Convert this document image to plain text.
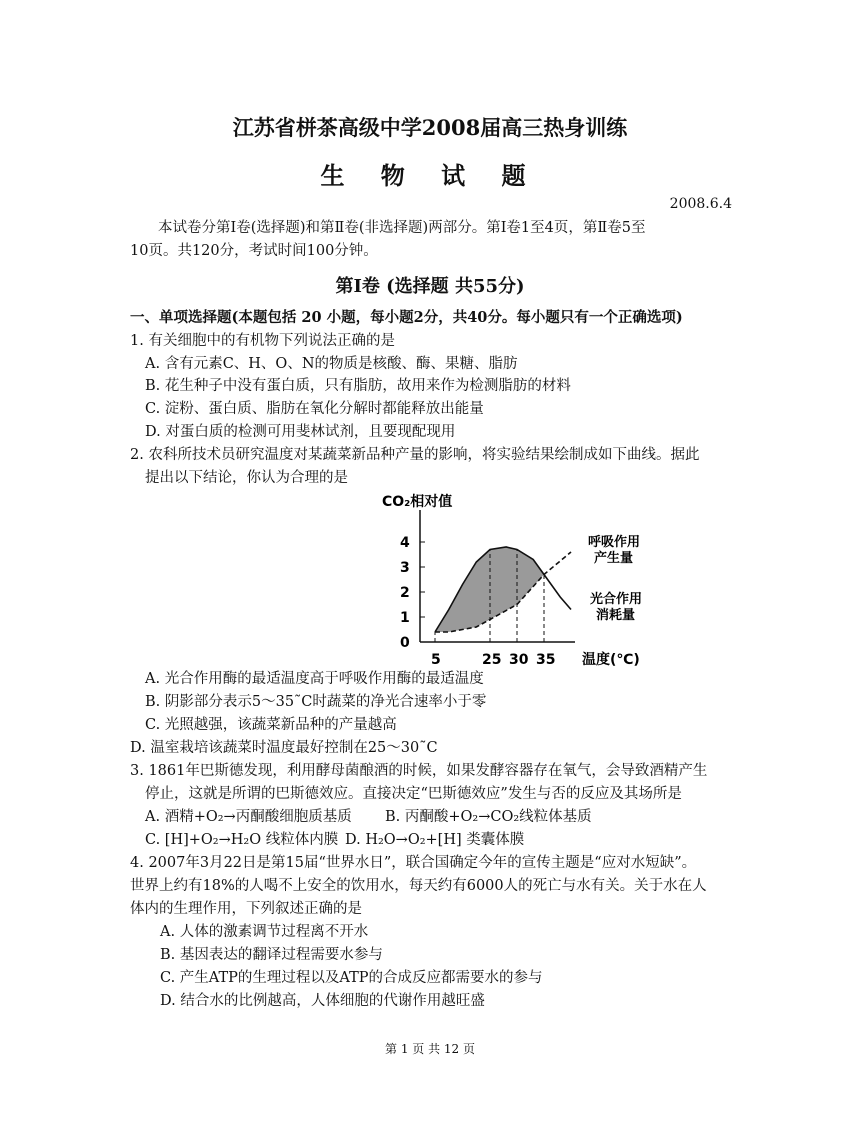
江苏省栟茶高级中学2008届高三热身训练
生 物 试 题
2008.6.4
本试卷分第Ⅰ卷(选择题)和第Ⅱ卷(非选择题)两部分。第Ⅰ卷1至4页，第Ⅱ卷5至
10页。共120分，考试时间100分钟。
第Ⅰ卷 (选择题 共55分)
一、单项选择题(本题包括 20 小题，每小题2分，共40分。每小题只有一个正确选项)
1. 有关细胞中的有机物下列说法正确的是
A. 含有元素C、H、O、N的物质是核酸、酶、果糖、脂肪
B. 花生种子中没有蛋白质，只有脂肪，故用来作为检测脂肪的材料
C. 淀粉、蛋白质、脂肪在氧化分解时都能释放出能量
D. 对蛋白质的检测可用斐林试剂，且要现配现用
2. 农科所技术员研究温度对某蔬菜新品种产量的影响，将实验结果绘制成如下曲线。据此
提出以下结论，你认为合理的是
CO₂相对值
温度(℃)
0
1
2
3
4
5	25 30 35
呼吸作用
产生量
光合作用
消耗量
A. 光合作用酶的最适温度高于呼吸作用酶的最适温度
B. 阴影部分表示5～35˜C时蔬菜的净光合速率小于零
C. 光照越强，该蔬菜新品种的产量越高
D. 温室栽培该蔬菜时温度最好控制在25～30˜C
3. 1861年巴斯德发现，利用酵母菌酿酒的时候，如果发酵容器存在氧气，会导致酒精产生
停止，这就是所谓的巴斯德效应。直接决定“巴斯德效应”发生与否的反应及其场所是
A. 酒精+O₂→丙酮酸细胞质基质 B. 丙酮酸+O₂→CO₂线粒体基质
C. [H]+O₂→H₂O 线粒体内膜 D. H₂O→O₂+[H] 类囊体膜
4. 2007年3月22日是第15届“世界水日”，联合国确定今年的宣传主题是“应对水短缺”。
世界上约有18%的人喝不上安全的饮用水，每天约有6000人的死亡与水有关。关于水在人
体内的生理作用，下列叙述正确的是
A. 人体的激素调节过程离不开水
B. 基因表达的翻译过程需要水参与
C. 产生ATP的生理过程以及ATP的合成反应都需要水的参与
D. 结合水的比例越高，人体细胞的代谢作用越旺盛
第 1 页 共 12 页
